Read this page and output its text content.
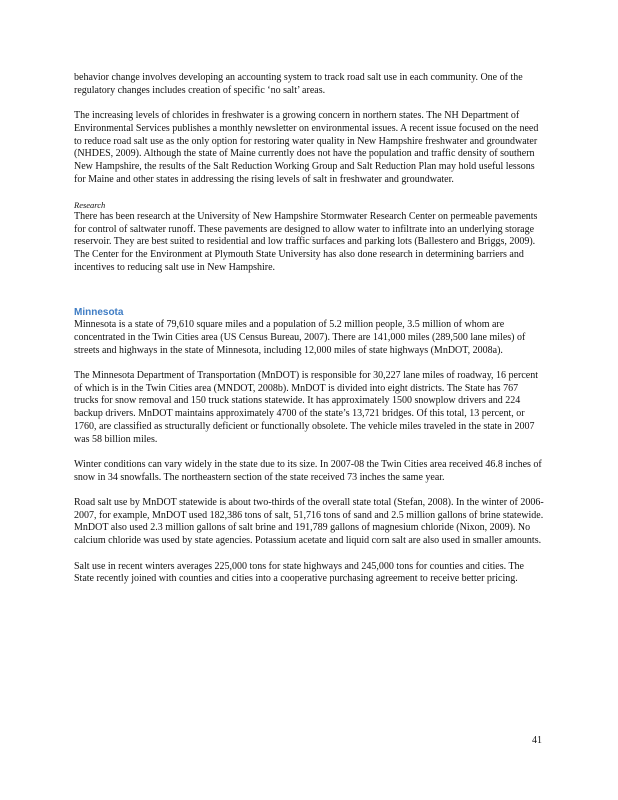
behavior change involves developing an accounting system to track road salt use in each community. One of the regulatory changes includes creation of specific ‘no salt’ areas.

The increasing levels of chlorides in freshwater is a growing concern in northern states. The NH Department of Environmental Services publishes a monthly newsletter on environmental issues. A recent issue focused on the need to reduce road salt use as the only option for restoring water quality in New Hampshire freshwater and groundwater (NHDES, 2009). Although the state of Maine currently does not have the population and traffic density of southern New Hampshire, the results of the Salt Reduction Working Group and Salt Reduction Plan may hold useful lessons for Maine and other states in addressing the rising levels of salt in freshwater and groundwater.

Research

There has been research at the University of New Hampshire Stormwater Research Center on permeable pavements for control of saltwater runoff. These pavements are designed to allow water to infiltrate into an underlying storage reservoir. They are best suited to residential and low traffic surfaces and parking lots (Ballestero and Briggs, 2009). The Center for the Environment at Plymouth State University has also done research in determining barriers and incentives to reducing salt use in New Hampshire.

Minnesota

Minnesota is a state of 79,610 square miles and a population of 5.2 million people, 3.5 million of whom are concentrated in the Twin Cities area (US Census Bureau, 2007). There are 141,000 miles (289,500 lane miles) of streets and highways in the state of Minnesota, including 12,000 miles of state highways (MnDOT, 2008a).

The Minnesota Department of Transportation (MnDOT) is responsible for 30,227 lane miles of roadway, 16 percent of which is in the Twin Cities area (MNDOT, 2008b). MnDOT is divided into eight districts. The State has 767 trucks for snow removal and 150 truck stations statewide. It has approximately 1500 snowplow drivers and 224 backup drivers. MnDOT maintains approximately 4700 of the state’s 13,721 bridges. Of this total, 13 percent, or 1760, are classified as structurally deficient or functionally obsolete. The vehicle miles traveled in the state in 2007 was 58 billion miles.

Winter conditions can vary widely in the state due to its size. In 2007-08 the Twin Cities area received 46.8 inches of snow in 34 snowfalls. The northeastern section of the state received 73 inches the same year.

Road salt use by MnDOT statewide is about two-thirds of the overall state total (Stefan, 2008). In the winter of 2006-2007, for example, MnDOT used 182,386 tons of salt, 51,716 tons of sand and 2.5 million gallons of brine statewide. MnDOT also used 2.3 million gallons of salt brine and 191,789 gallons of magnesium chloride (Nixon, 2009). No calcium chloride was used by state agencies. Potassium acetate and liquid corn salt are also used in smaller amounts.

Salt use in recent winters averages 225,000 tons for state highways and 245,000 tons for counties and cities. The State recently joined with counties and cities into a cooperative purchasing agreement to receive better pricing.

41
